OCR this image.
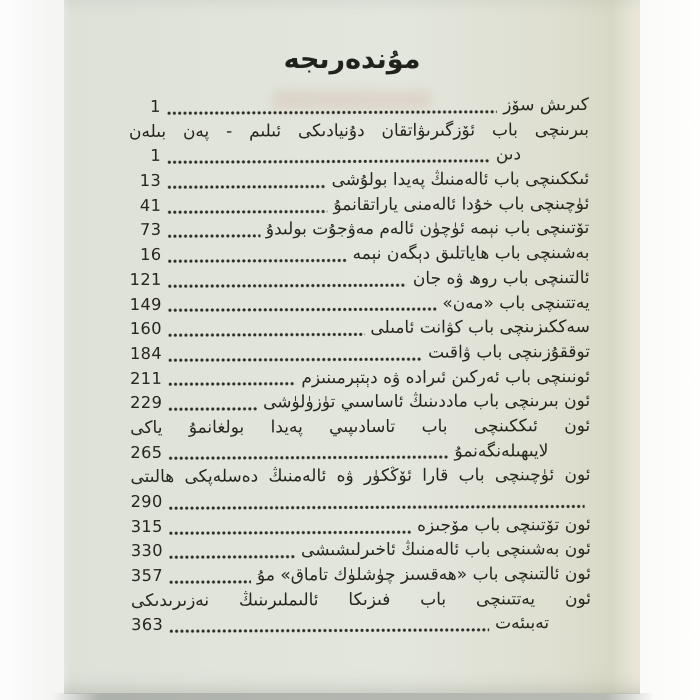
مۇندەرىجە
كىرىش سۆز
1
بىرىنچى باب ئۆزگىرىۋاتقان دۇنيادىكى ئىلىم - پەن بىلەن
دىن
1
ئىككىنچى باب ئالەمنىڭ پەيدا بولۇشى
13
ئۈچىنچى باب خۇدا ئالەمنى ياراتقانمۇ
41
تۆتىنچى باب نېمە ئۈچۈن ئالەم مەۋجۇت بولىدۇ
73
بەشىنچى باب ھاياتلىق دېگەن نېمە
16
ئالتىنچى باب روھ ۋە جان
121
يەتتىنچى باب «مەن»
149
سەككىزىنچى باب كۋانت ئامىلى
160
توققۇزىنچى باب ۋاقىت
184
ئونىنچى باب ئەركىن ئىرادە ۋە دېتېرمىنىزم
211
ئون بىرىنچى باب ماددىنىڭ ئاساسىي تۈزۈلۈشى
229
ئون ئىككىنچى باب تاسادىپىي پەيدا بولغانمۇ ياكى
لايىھىلەنگەنمۇ
265
ئون ئۈچىنچى باب قارا ئۆڭكۈر ۋە ئالەمنىڭ دەسلەپكى ھالىتى
290
ئون تۆتىنچى باب مۆجىزە
315
ئون بەشىنچى باب ئالەمنىڭ ئاخىرلىشىشى
330
ئون ئالتىنچى باب «ھەقسىز چۈشلۈك تاماق» مۇ
357
ئون يەتتىنچى باب فىزىكا ئالىملىرىنىڭ نەزىرىدىكى
تەبىئەت
363
